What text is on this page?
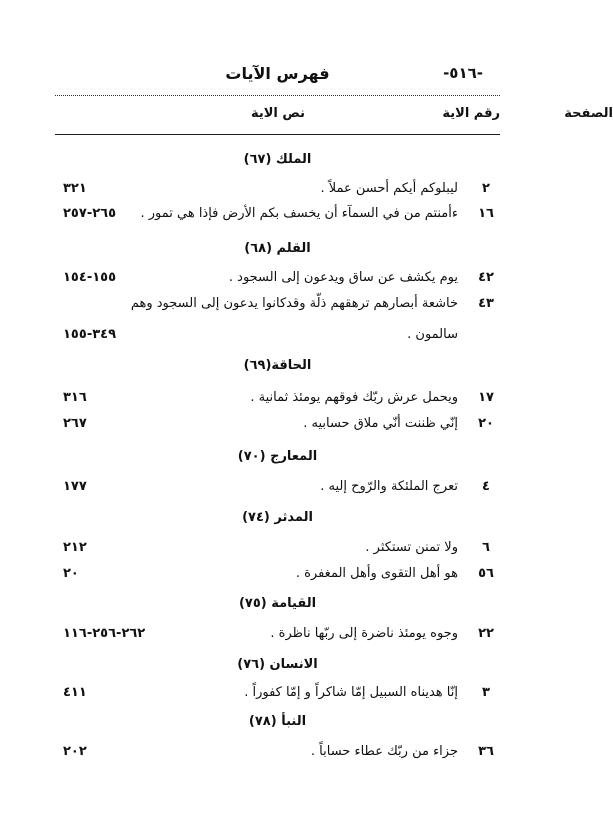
-٥١٦-
فهرس الآيات
رقم الاية
نص الاية	الصفحة
الملك (٦٧)
٢
ليبلوكم أيكم أحسن عملاً .
٣٢١
١٦
ءأمنتم من في السمآء أن يخسف بكم الأرض فإذا هي تمور .
٢٦٥-٢٥٧
القلم (٦٨)
٤٢
يوم يكشف عن ساق ويدعون إلى السجود .
١٥٥-١٥٤
٤٣
خاشعة أبصارهم ترهقهم ذلّة وقدكانوا يدعون إلى السجود وهم
سالمون .
٣٤٩-١٥٥
الحاقة(٦٩)
١٧
ويحمل عرش ربّك فوقهم يومئذ ثمانية .
٣١٦
٢٠
إنّي ظننت أنّي ملاق حسابيه .
٢٦٧
المعارج (٧٠)
٤
تعرج الملئكة والرّوح إليه .
١٧٧
المدثر (٧٤)
٦
ولا تمنن تستكثر .
٢١٢
٥٦
هو أهل التقوى وأهل المغفرة .
٢٠
القيامة (٧٥)
٢٢
وجوه يومئذ ناضرة إلى ربّها ناظرة .
٢٦٢-٢٥٦-١١٦
الانسان (٧٦)
٣
إنّا هديناه السبيل إمّا شاكراً و إمّا كفوراً .
٤١١
النبأ (٧٨)
٣٦
جزاء من ربّك عطاء حساباً .
٢٠٢
